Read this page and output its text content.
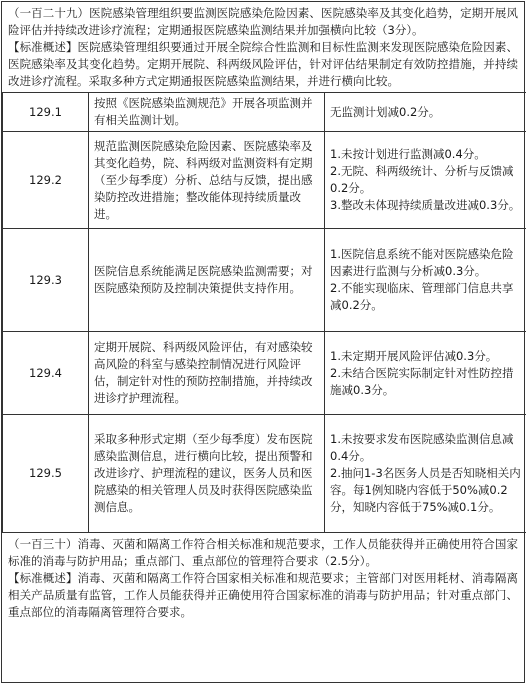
（一百二十九）医院感染管理组织要监测医院感染危险因素、医院感染率及其变化趋势，定期开展风险评估并持续改进诊疗流程；定期通报医院感染监测结果并加强横向比较（3分）。

【标准概述】医院感染管理组织要通过开展全院综合性监测和目标性监测来发现医院感染危险因素、医院感染率及其变化趋势。定期开展院、科两级风险评估，针对评估结果制定有效防控措施，并持续改进诊疗流程。采取多种方式定期通报医院感染监测结果，并进行横向比较。

129.1	按照《医院感染监测规范》开展各项监测并有相关监测计划。	无监测计划减0.2分。

129.2	规范监测医院感染危险因素、医院感染率及其变化趋势，院、科两级对监测资料有定期（至少每季度）分析、总结与反馈，提出感染防控改进措施；整改能体现持续质量改进。	1.未按计划进行监测减0.4分。
2.无院、科两级统计、分析与反馈减0.2分。
3.整改未体现持续质量改进减0.3分。

129.3	医院信息系统能满足医院感染监测需要；对医院感染预防及控制决策提供支持作用。	1.医院信息系统不能对医院感染危险因素进行监测与分析减0.3分。
2.不能实现临床、管理部门信息共享减0.2分。

129.4	定期开展院、科两级风险评估，有对感染较高风险的科室与感染控制情况进行风险评估，制定针对性的预防控制措施，并持续改进诊疗护理流程。	1.未定期开展风险评估减0.3分。
2.未结合医院实际制定针对性防控措施减0.3分。

129.5	采取多种形式定期（至少每季度）发布医院感染监测信息，进行横向比较，提出预警和改进诊疗、护理流程的建议，医务人员和医院感染的相关管理人员及时获得医院感染监测信息。	1.未按要求发布医院感染监测信息减0.4分。
2.抽问1-3名医务人员是否知晓相关内容。每1例知晓内容低于50%减0.2分，知晓内容低于75%减0.1分。

（一百三十）消毒、灭菌和隔离工作符合相关标准和规范要求，工作人员能获得并正确使用符合国家标准的消毒与防护用品；重点部门、重点部位的管理符合要求（2.5分）。

【标准概述】消毒、灭菌和隔离工作符合国家相关标准和规范要求；主管部门对医用耗材、消毒隔离相关产品质量有监管，工作人员能获得并正确使用符合国家标准的消毒与防护用品；针对重点部门、重点部位的消毒隔离管理符合要求。
